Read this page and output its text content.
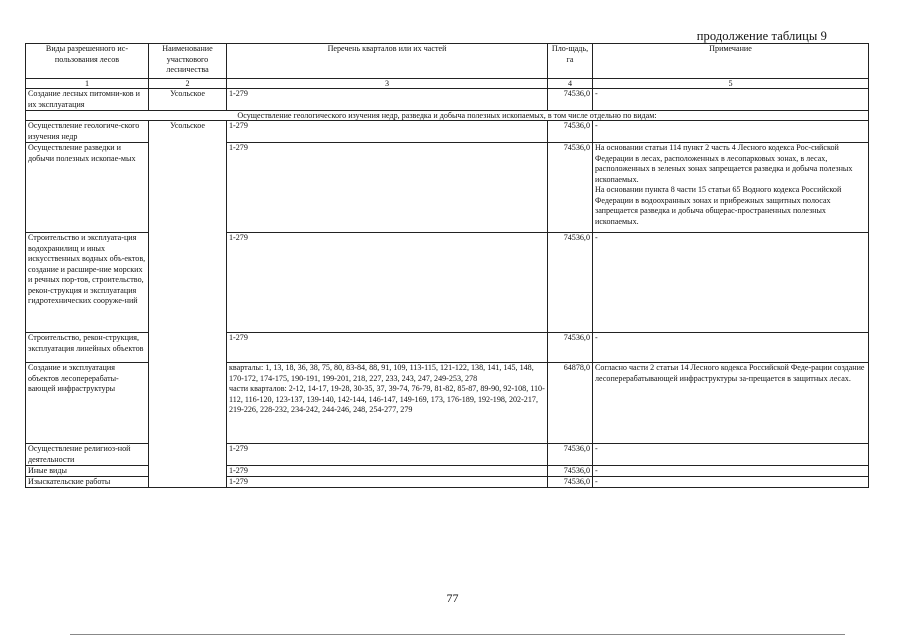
продолжение таблицы 9
Виды разрешенного ис-пользования лесов	Наименование участкового лесничества	Перечень кварталов или их частей	Пло-щадь, га	Примечание
1	2	3	4	5
Создание лесных питомни-ков и их эксплуатация	Усольское	1-279	74536,0	-
Осуществление геологического изучения недр, разведка и добыча полезных ископаемых, в том числе отдельно по видам:				
Осуществление геологиче-ского изучения недр	Усольское	1-279	74536,0	-
Осуществление разведки и добычи полезных ископае-мых		1-279	74536,0	На основании статьи 114 пункт 2 часть 4 Лесного кодекса Рос-сийской Федерации в лесах, расположенных в лесопарковых зонах, в лесах, расположенных в зеленых зонах запрещается разведка и добыча полезных ископаемых.
На основании пункта 8 части 15 статьи 65 Водного кодекса Российской Федерации в водоохранных зонах и прибрежных защитных полосах запрещается разведка и добыча общерас-пространенных полезных ископаемых.
Строительство и эксплуата-ция водохранилищ и иных искусственных водных объ-ектов, создание и расшире-ние морских и речных пор-тов, строительство, рекон-струкция и эксплуатация гидротехнических сооруже-ний		1-279	74536,0	-
Строительство, рекон-струкция, эксплуатация линейных объектов		1-279	74536,0	-
Создание и эксплуатация объектов лесоперерабаты-вающей инфраструктуры		кварталы: 1, 13, 18, 36, 38, 75, 80, 83-84, 88, 91, 109, 113-115, 121-122, 138, 141, 145, 148, 170-172, 174-175, 190-191, 199-201, 218, 227, 233, 243, 247, 249-253, 278
части кварталов: 2-12, 14-17, 19-28, 30-35, 37, 39-74, 76-79, 81-82, 85-87, 89-90, 92-108, 110-112, 116-120, 123-137, 139-140, 142-144, 146-147, 149-169, 173, 176-189, 192-198, 202-217, 219-226, 228-232, 234-242, 244-246, 248, 254-277, 279	64878,0	Согласно части 2 статьи 14 Лесного кодекса Российской Феде-рации создание лесоперерабатывающей инфраструктуры за-прещается в защитных лесах.
Осуществление религиоз-ной деятельности		1-279	74536,0	-
Иные виды		1-279	74536,0	-
Изыскательские работы		1-279	74536,0	-
77
